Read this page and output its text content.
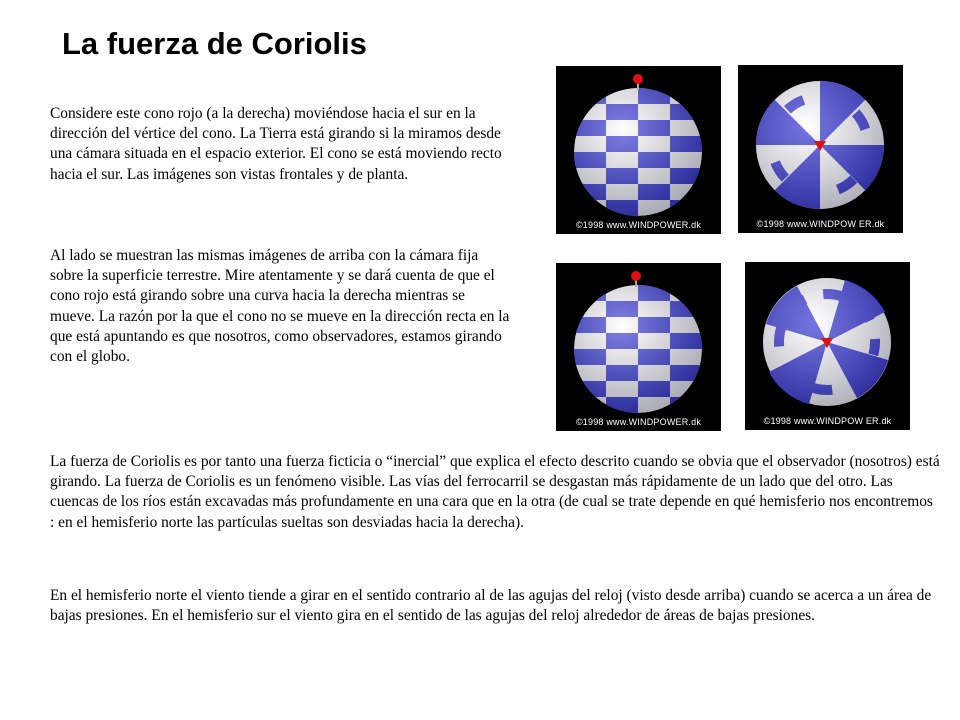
La fuerza de Coriolis

Considere este cono rojo (a la derecha) moviéndose hacia el sur en la dirección del vértice del cono. La Tierra está girando si la miramos desde una cámara situada en el espacio exterior. El cono se está moviendo recto hacia el sur. Las imágenes son vistas frontales y de planta.

Al lado se muestran las mismas imágenes de arriba con la cámara fija sobre la superficie terrestre. Mire atentamente y se dará cuenta de que el cono rojo está girando sobre una curva hacia la derecha mientras se mueve. La razón por la que el cono no se mueve en la dirección recta en la que está apuntando es que nosotros, como observadores, estamos girando con el globo.

La fuerza de Coriolis es por tanto una fuerza ficticia o “inercial” que explica el efecto descrito cuando se obvia que el observador (nosotros) está girando. La fuerza de Coriolis es un fenómeno visible. Las vías del ferrocarril se desgastan más rápidamente de un lado que del otro. Las cuencas de los ríos están excavadas más profundamente en una cara que en la otra (de cual se trate depende en qué hemisferio nos encontremos : en el hemisferio norte las partículas sueltas son desviadas hacia la derecha).

En el hemisferio norte el viento tiende a girar en el sentido contrario al de las agujas del reloj (visto desde arriba) cuando se acerca a un área de bajas presiones. En el hemisferio sur el viento gira en el sentido de las agujas del reloj alrededor de áreas de bajas presiones.

©1998 www.WINDPOWER.dk	©1998 www.WINDPOW ER.dk
©1998 www.WINDPOWER.dk	©1998 www.WINDPOW ER.dk
